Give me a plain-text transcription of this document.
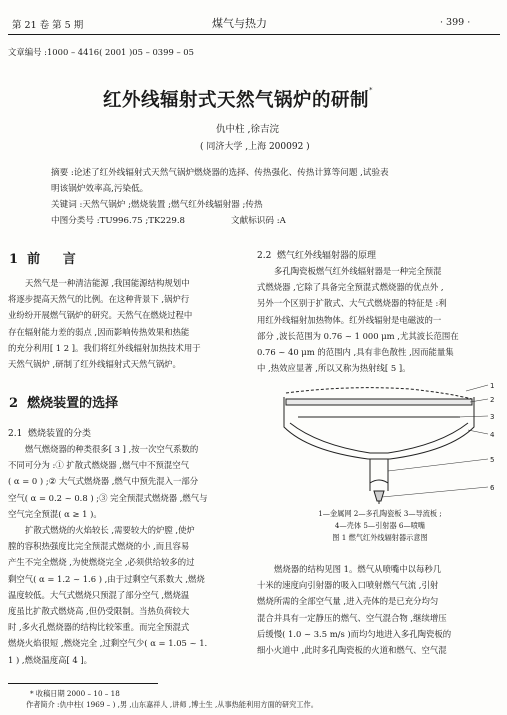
第 21 卷 第 5 期	煤气与热力	· 399 ·
文章编号 :1000 – 4416( 2001 )05 – 0399 – 05
红外线辐射式天然气锅炉的研制*
仇中柱 ,徐吉浣
( 同济大学 ,上海 200092 )
摘要 :论述了红外线辐射式天然气锅炉燃烧器的选择、传热强化、传热计算等问题 ,试验表
明该锅炉效率高,污染低。
关键词 :天然气锅炉 ;燃烧装置 ;燃气红外线辐射器 ;传热
中图分类号 :TU996.75 ;TK229.8	文献标识码 :A
1  前     言

天然气是一种清洁能源 ,我国能源结构规划中

将逐步提高天然气的比例。在这种背景下 ,锅炉行

业纷纷开展燃气锅炉的研究。天然气在燃烧过程中

存在辐射能力差的弱点 ,因而影响传热效果和热能

的充分利用[ 1 2 ]。我们将红外线辐射加热技术用于

天然气锅炉 ,研制了红外线辐射式天然气锅炉。

2  燃烧装置的选择
2.1  燃烧装置的分类

燃气燃烧器的种类很多[ 3 ] ,按一次空气系数的

不同可分为 :① 扩散式燃烧器 ,燃气中不预混空气

( α = 0 ) ;② 大气式燃烧器 ,燃气中预先混入一部分

空气( α = 0.2 ~ 0.8 ) ;③ 完全预混式燃烧器 ,燃气与

空气完全预混( α ≥ 1 )。

扩散式燃烧的火焰较长 ,需要较大的炉膛 ,使炉

膛的容积热强度比完全预混式燃烧的小 ,而且容易

产生不完全燃烧 ,为使燃烧完全 ,必须供给较多的过

剩空气( α = 1.2 ~ 1.6 ) ,由于过剩空气系数大 ,燃烧

温度较低。大气式燃烧只预混了部分空气 ,燃烧温

度虽比扩散式燃烧高 ,但仍受限制。当热负荷较大

时 ,多火孔燃烧器的结构比较笨重。而完全预混式

燃烧火焰很短 ,燃烧完全 ,过剩空气少( α = 1.05 ~ 1.

1 ) ,燃烧温度高[ 4 ]。

2.2  燃气红外线辐射器的原理

多孔陶瓷板燃气红外线辐射器是一种完全预混

式燃烧器 ,它除了具备完全预混式燃烧器的优点外 ,

另外一个区别于扩散式、大气式燃烧器的特征是 :利

用红外线辐射加热物体。红外线辐射是电磁波的一

部分 ,波长范围为 0.76 ~ 1 000 μm ,尤其波长范围在

0.76 ~ 40 μm 的范围内 ,具有非色散性 ,因而能量集

中 ,热效应显著 ,所以又称为热射线[ 5 ]。

1
2
3
4
5
6
1—金属网 2—多孔陶瓷板 3—导流板 ;
4—壳体 5—引射器 6—喷嘴
图 1 燃气红外线辐射器示意图

燃烧器的结构见图 1。燃气从喷嘴中以每秒几

十米的速度向引射器的吸入口喷射燃气气流 ,引射

燃烧所需的全部空气量 ,进入壳体的是已充分均匀

混合并具有一定静压的燃气、空气混合物 ,继续增压

后缓慢( 1.0 ~ 3.5 m/s )而均匀地进入多孔陶瓷板的

细小火道中 ,此时多孔陶瓷板的火道和燃气、空气混

* 收稿日期 2000 – 10 – 18
作者简介 :仇中柱( 1969 – ) ,男 ,山东嘉祥人 ,讲师 ,博士生 ,从事热能利用方面的研究工作。
